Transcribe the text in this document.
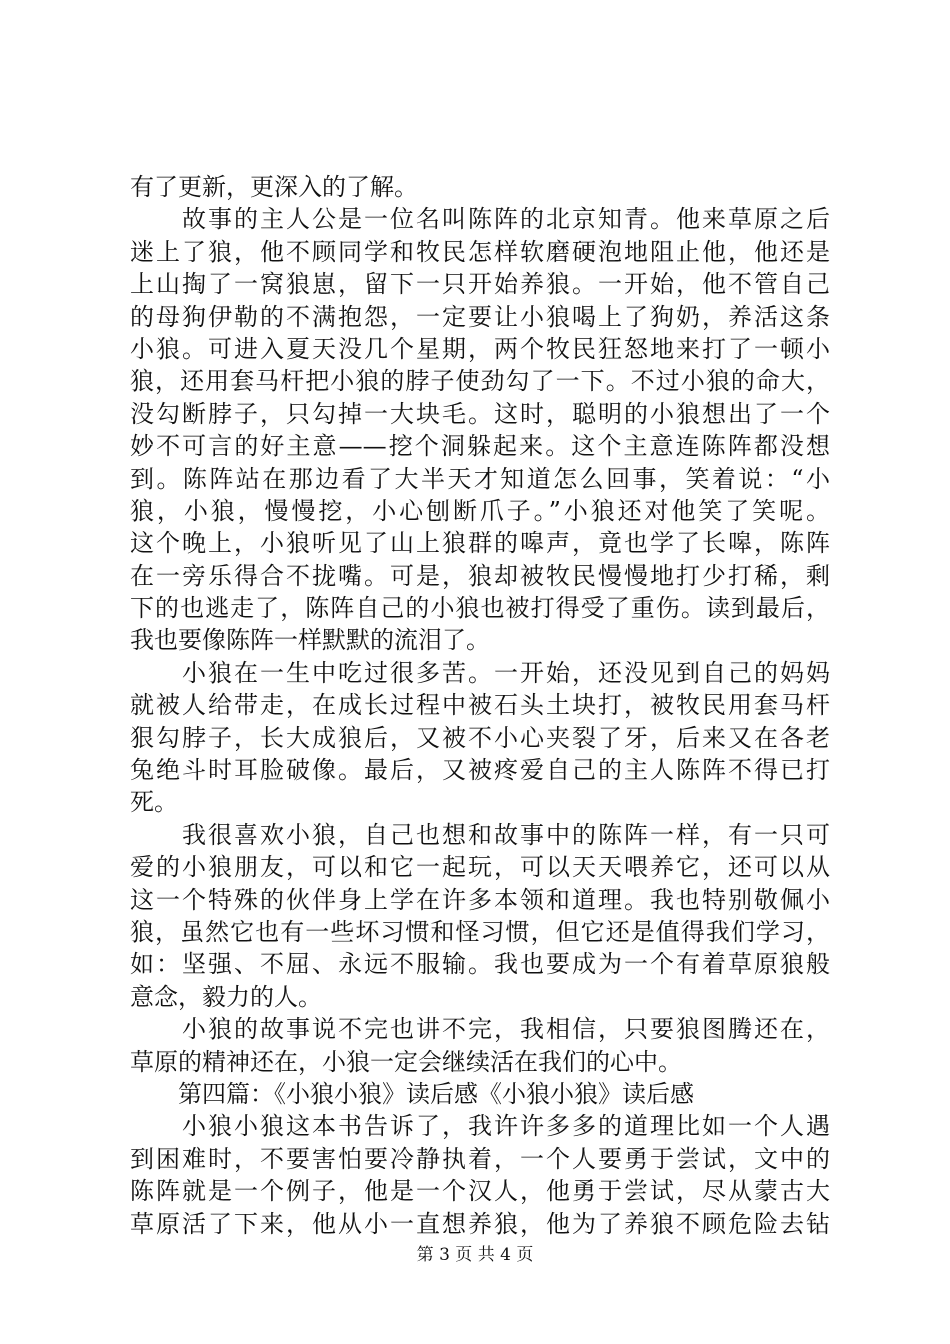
有了更新，更深入的了解。
　　故事的主人公是一位名叫陈阵的北京知青。他来草原之后
迷上了狼，他不顾同学和牧民怎样软磨硬泡地阻止他，他还是
上山掏了一窝狼崽，留下一只开始养狼。一开始，他不管自己
的母狗伊勒的不满抱怨，一定要让小狼喝上了狗奶，养活这条
小狼。可进入夏天没几个星期，两个牧民狂怒地来打了一顿小
狼，还用套马杆把小狼的脖子使劲勾了一下。不过小狼的命大，
没勾断脖子，只勾掉一大块毛。这时，聪明的小狼想出了一个
妙不可言的好主意——挖个洞躲起来。这个主意连陈阵都没想
到。陈阵站在那边看了大半天才知道怎么回事，笑着说：“小
狼，小狼，慢慢挖，小心刨断爪子。”小狼还对他笑了笑呢。
这个晚上，小狼听见了山上狼群的嗥声，竟也学了长嗥，陈阵
在一旁乐得合不拢嘴。可是，狼却被牧民慢慢地打少打稀，剩
下的也逃走了，陈阵自己的小狼也被打得受了重伤。读到最后，
我也要像陈阵一样默默的流泪了。
　　小狼在一生中吃过很多苦。一开始，还没见到自己的妈妈
就被人给带走，在成长过程中被石头土块打，被牧民用套马杆
狠勾脖子，长大成狼后，又被不小心夹裂了牙，后来又在各老
兔绝斗时耳脸破像。最后，又被疼爱自己的主人陈阵不得已打
死。
　　我很喜欢小狼，自己也想和故事中的陈阵一样，有一只可
爱的小狼朋友，可以和它一起玩，可以天天喂养它，还可以从
这一个特殊的伙伴身上学在许多本领和道理。我也特别敬佩小
狼，虽然它也有一些坏习惯和怪习惯，但它还是值得我们学习，
如：坚强、不屈、永远不服输。我也要成为一个有着草原狼般
意念，毅力的人。
　　小狼的故事说不完也讲不完，我相信，只要狼图腾还在，
草原的精神还在，小狼一定会继续活在我们的心中。
　　第四篇：《小狼小狼》读后感《小狼小狼》读后感
　　小狼小狼这本书告诉了，我许许多多的道理比如一个人遇
到困难时，不要害怕要冷静执着，一个人要勇于尝试，文中的
陈阵就是一个例子，他是一个汉人，他勇于尝试，尽从蒙古大
草原活了下来，他从小一直想养狼，他为了养狼不顾危险去钻
第 3 页 共 4 页
